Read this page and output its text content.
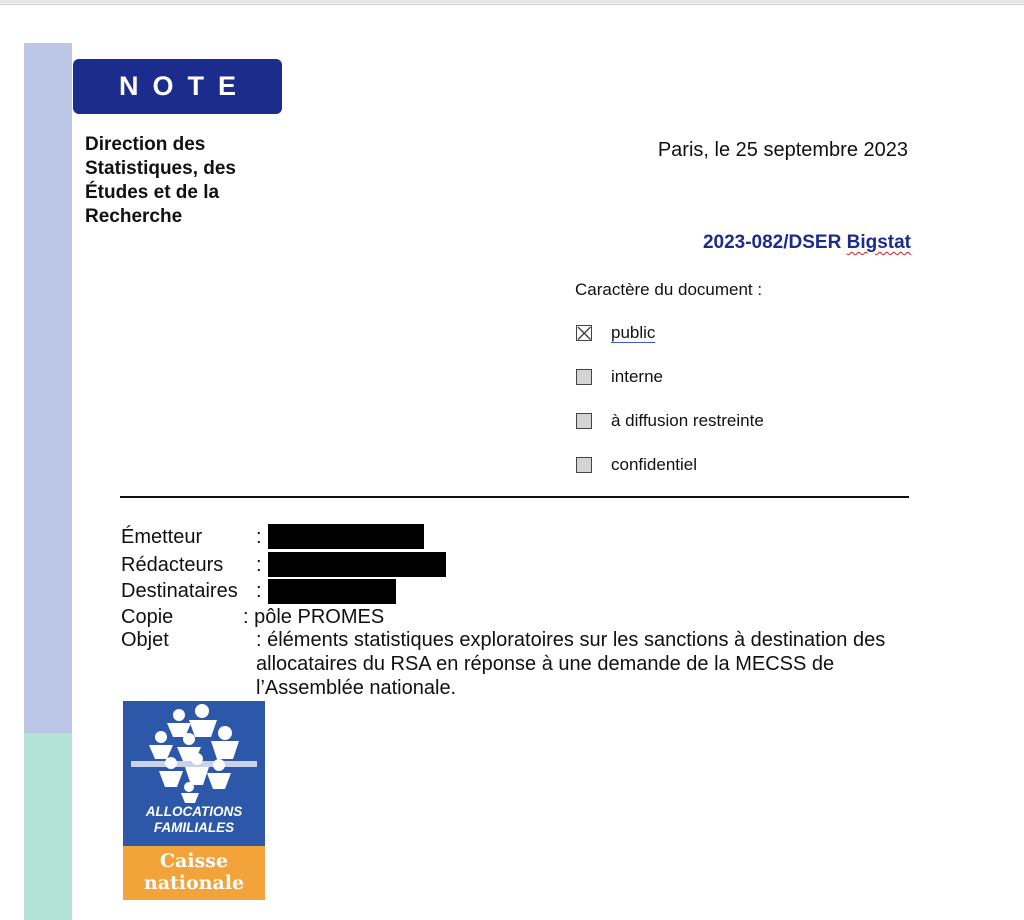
NOTE
Direction des
Statistiques, des
Études et de la
Recherche
Paris, le 25 septembre 2023
2023-082/DSER Bigstat
Caractère du document :
public
interne
à diffusion restreinte
confidentiel
Émetteur	:
Rédacteurs :
Destinataires :
Copie	: pôle PROMES
Objet	: éléments statistiques exploratoires sur les sanctions à destination des allocataires du RSA en réponse à une demande de la MECSS de l’Assemblée nationale.
ALLOCATIONS
FAMILIALES
Caisse
nationale
